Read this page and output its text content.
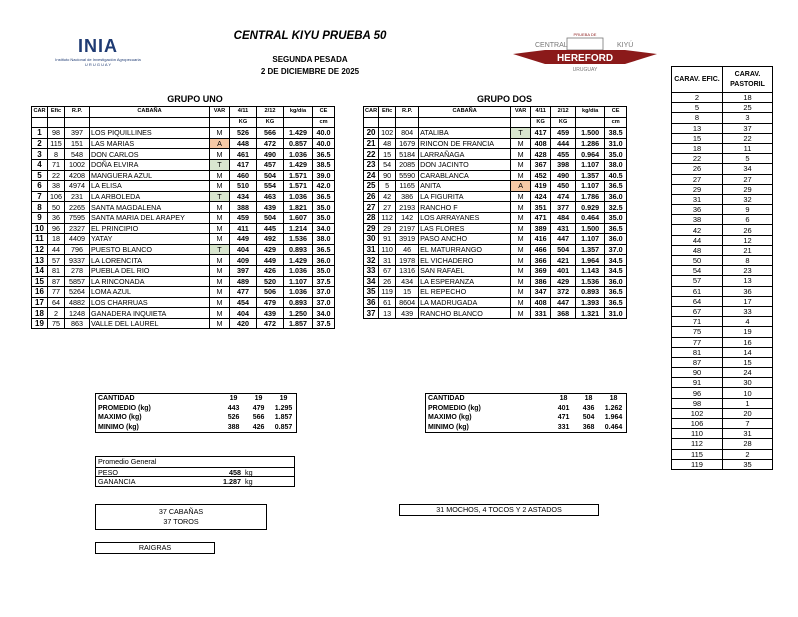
INIA
Instituto Nacional de Investigación Agropecuaria
U R U G U A Y
CENTRAL KIYU PRUEBA 50
SEGUNDA PESADA
2 DE DICIEMBRE DE 2025
PRUEBA DE
CENTRAL	KIYÚ
HEREFORD
URUGUAY
GRUPO UNO	GRUPO DOS
CAR	Efic	R.P.	CABAÑA	VAR	4/11	2/12	kg/día	CE
					KG	KG		cm
1	98	397	LOS PIQUILLINES	M	526	566	1.429	40.0
2	115	151	LAS MARIAS	A	448	472	0.857	40.0
3	8	548	DON CARLOS	M	461	490	1.036	36.5
4	71	1002	DOÑA ELVIRA	T	417	457	1.429	38.5
5	22	4208	MANGUERA AZUL	M	460	504	1.571	39.0
6	38	4974	LA ELISA	M	510	554	1.571	42.0
7	106	231	LA ARBOLEDA	T	434	463	1.036	36.5
8	50	2265	SANTA MAGDALENA	M	388	439	1.821	35.0
9	36	7595	SANTA MARIA DEL ARAPEY	M	459	504	1.607	35.0
10	96	2327	EL PRINCIPIO	M	411	445	1.214	34.0
11	18	4409	YATAY	M	449	492	1.536	38.0
12	44	796	PUESTO BLANCO	T	404	429	0.893	36.5
13	57	9337	LA LORENCITA	M	409	449	1.429	36.0
14	81	278	PUEBLA DEL RIO	M	397	426	1.036	35.0
15	87	5857	LA RINCONADA	M	489	520	1.107	37.5
16	77	5264	LOMA AZUL	M	477	506	1.036	37.0
17	64	4882	LOS CHARRUAS	M	454	479	0.893	37.0
18	2	1248	GANADERA INQUIETA	M	404	439	1.250	34.0
19	75	863	VALLE DEL LAUREL	M	420	472	1.857	37.5
CAR	Efic	R.P.	CABAÑA	VAR	4/11	2/12	kg/día	CE
					KG	KG		cm
20	102	804	ATALIBA	T	417	459	1.500	38.5
21	48	1679	RINCON DE FRANCIA	M	408	444	1.286	31.0
22	15	5184	LARRAÑAGA	M	428	455	0.964	35.0
23	54	2085	DON JACINTO	M	367	398	1.107	38.0
24	90	5590	CARABLANCA	M	452	490	1.357	40.5
25	5	1165	ANITA	A	419	450	1.107	36.5
26	42	386	LA FIGURITA	M	424	474	1.786	36.0
27	27	2193	RANCHO F	M	351	377	0.929	32.5
28	112	142	LOS ARRAYANES	M	471	484	0.464	35.0
29	29	2197	LAS FLORES	M	389	431	1.500	36.5
30	91	3919	PASO ANCHO	M	416	447	1.107	36.0
31	110	46	EL MATURRANGO	M	466	504	1.357	37.0
32	31	1978	EL VICHADERO	M	366	421	1.964	34.5
33	67	1316	SAN RAFAEL	M	369	401	1.143	34.5
34	26	434	LA ESPERANZA	M	386	429	1.536	36.0
35	119	15	EL REPECHO	M	347	372	0.893	36.5
36	61	8604	LA MADRUGADA	M	408	447	1.393	36.5
37	13	439	RANCHO BLANCO	M	331	368	1.321	31.0
CARAV. EFIC.	CARAV. PASTORIL
2	18
5	25
8	3
13	37
15	22
18	11
22	5
26	34
27	27
29	29
31	32
36	9
38	6
42	26
44	12
48	21
50	8
54	23
57	13
61	36
64	17
67	33
71	4
75	19
77	16
81	14
87	15
90	24
91	30
96	10
98	1
102	20
106	7
110	31
112	28
115	2
119	35
CANTIDAD	19	19	19
PROMEDIO (kg)	443	479	1.295
MAXIMO (kg)	526	566	1.857
MINIMO (kg)	388	426	0.857
CANTIDAD	18	18	18
PROMEDIO (kg)	401	436	1.262
MAXIMO (kg)	471	504	1.964
MINIMO (kg)	331	368	0.464
Promedio General
PESO	458 kg
GANANCIA	1.287 kg
37 CABAÑAS
37 TOROS
31 MOCHOS, 4 TOCOS Y 2 ASTADOS
RAIGRAS
